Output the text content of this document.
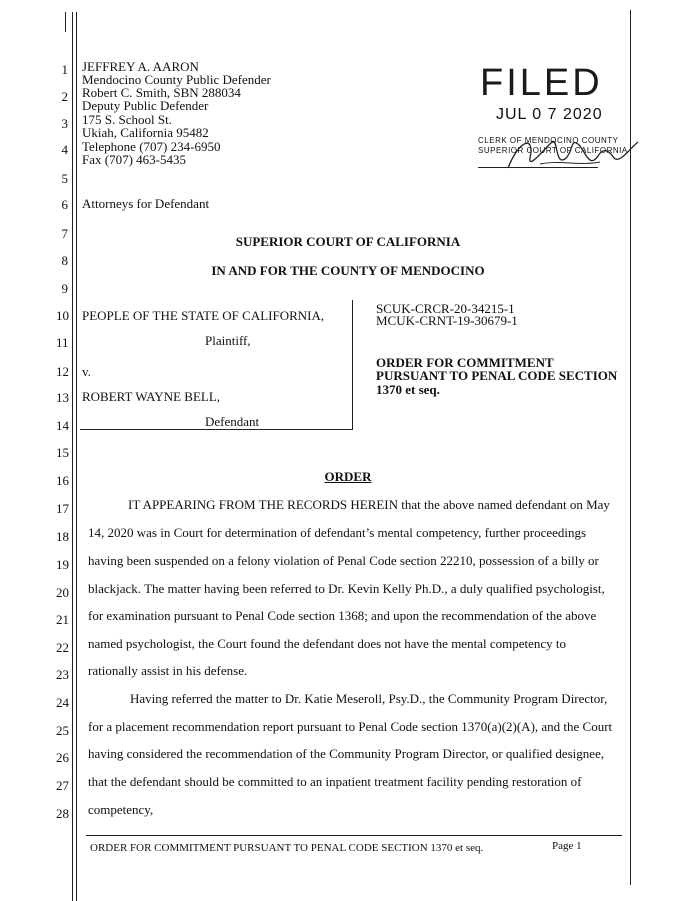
1
2
3
4
5
6
7
8
9
10
11
12
13
14
15
16
17
18
19
20
21
22
23
24
25
26
27
28
JEFFREY A. AARON
Mendocino County Public Defender
Robert C. Smith, SBN 288034
Deputy Public Defender
175 S. School St.
Ukiah, California 95482
Telephone (707) 234-6950
Fax (707) 463-5435
Attorneys for Defendant
FILED
JUL 0 7 2020
CLERK OF MENDOCINO COUNTY
SUPERIOR COURT OF CALIFORNIA
SUPERIOR COURT OF CALIFORNIA
IN AND FOR THE COUNTY OF MENDOCINO
PEOPLE OF THE STATE OF CALIFORNIA,
Plaintiff,
v.
ROBERT WAYNE BELL,
Defendant
SCUK-CRCR-20-34215-1
MCUK-CRNT-19-30679-1
ORDER FOR COMMITMENT
PURSUANT TO PENAL CODE SECTION
1370 et seq.
ORDER
IT APPEARING FROM THE RECORDS HEREIN that the above named defendant on May
14, 2020 was in Court for determination of defendant’s mental competency, further proceedings
having been suspended on a felony violation of Penal Code section 22210, possession of a billy or
blackjack. The matter having been referred to Dr. Kevin Kelly Ph.D., a duly qualified psychologist,
for examination pursuant to Penal Code section 1368; and upon the recommendation of the above
named psychologist, the Court found the defendant does not have the mental competency to
rationally assist in his defense.
Having referred the matter to Dr. Katie Meseroll, Psy.D., the Community Program Director,
for a placement recommendation report pursuant to Penal Code section 1370(a)(2)(A), and the Court
having considered the recommendation of the Community Program Director, or qualified designee,
that the defendant should be committed to an inpatient treatment facility pending restoration of
competency,
ORDER FOR COMMITMENT PURSUANT TO PENAL CODE SECTION 1370 et seq.	Page 1
